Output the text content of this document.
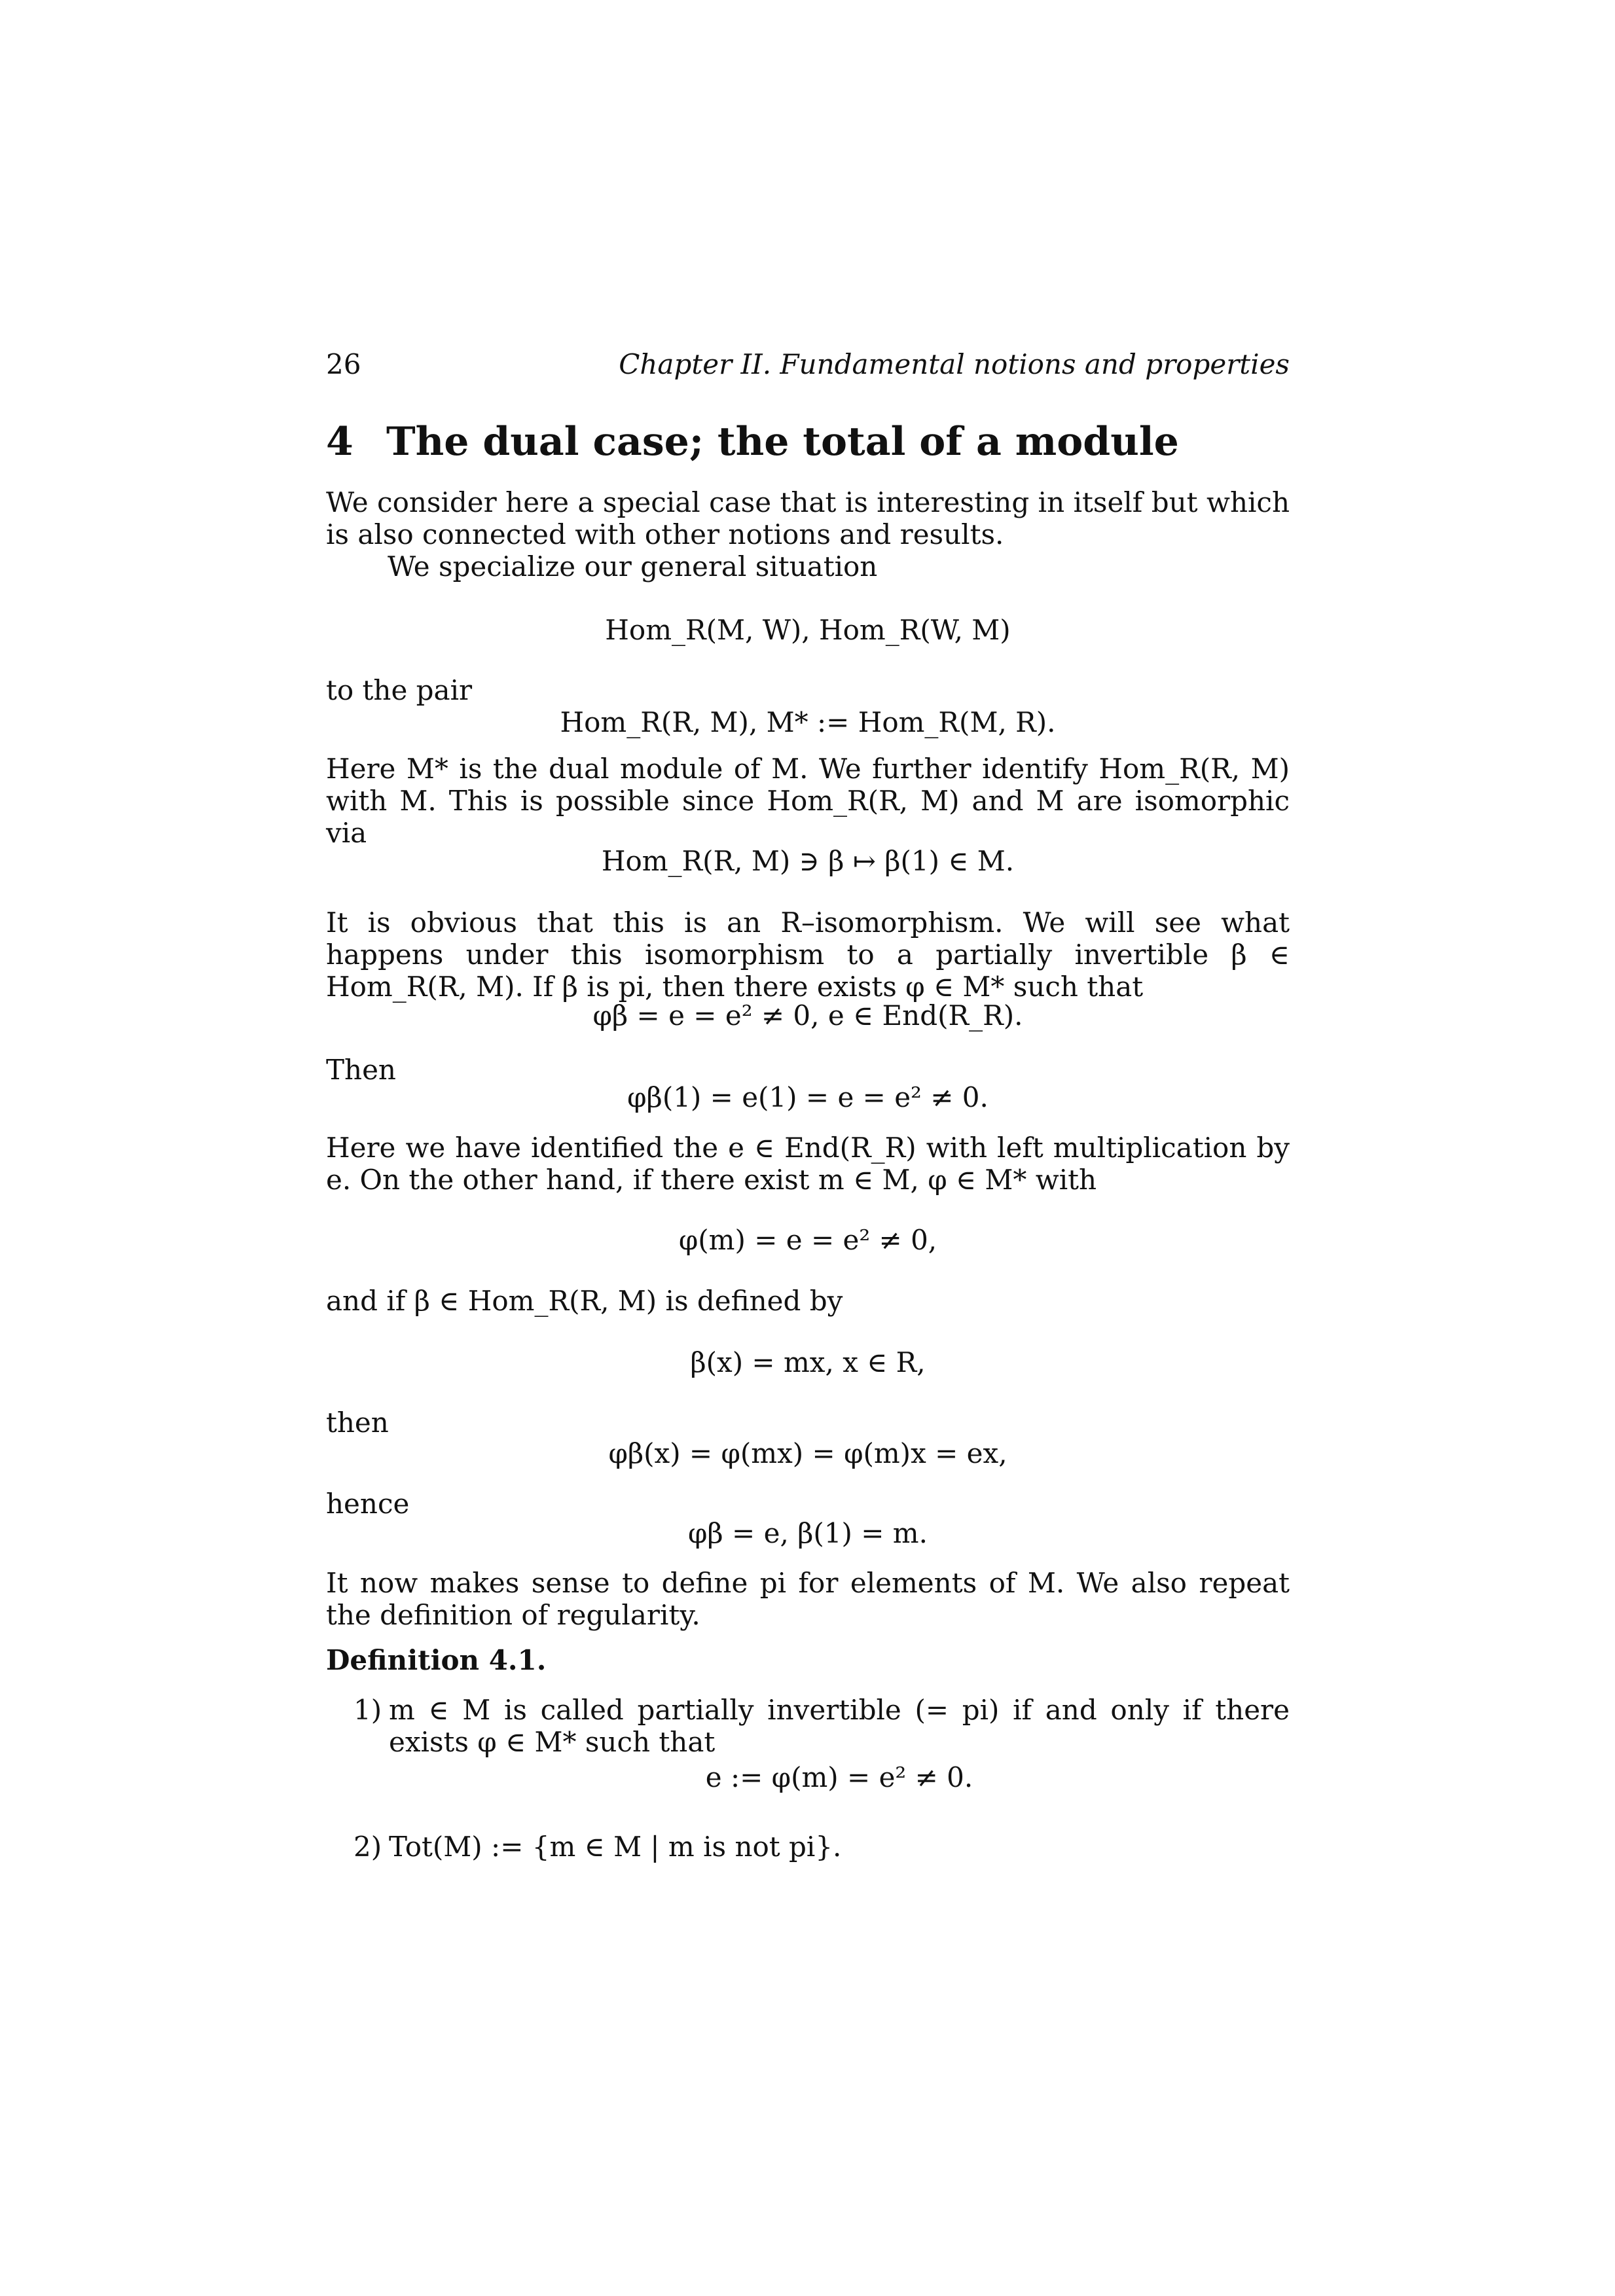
26	Chapter II. Fundamental notions and properties
4 The dual case; the total of a module
We consider here a special case that is interesting in itself but which is also connected with other notions and results.
We specialize our general situation
Hom_R(M, W), Hom_R(W, M)
to the pair
Hom_R(R, M), M* := Hom_R(M, R).
Here M* is the dual module of M. We further identify Hom_R(R, M) with M. This is possible since Hom_R(R, M) and M are isomorphic via
Hom_R(R, M) ∋ β ↦ β(1) ∈ M.
It is obvious that this is an R–isomorphism. We will see what happens under this isomorphism to a partially invertible β ∈ Hom_R(R, M). If β is pi, then there exists φ ∈ M* such that
φβ = e = e² ≠ 0, e ∈ End(R_R).
Then
φβ(1) = e(1) = e = e² ≠ 0.
Here we have identified the e ∈ End(R_R) with left multiplication by e. On the other hand, if there exist m ∈ M, φ ∈ M* with
φ(m) = e = e² ≠ 0,
and if β ∈ Hom_R(R, M) is defined by
β(x) = mx, x ∈ R,
then
φβ(x) = φ(mx) = φ(m)x = ex,
hence
φβ = e, β(1) = m.
It now makes sense to define pi for elements of M. We also repeat the definition of regularity.
Definition 4.1.
1) m ∈ M is called partially invertible (= pi) if and only if there exists φ ∈ M* such that
e := φ(m) = e² ≠ 0.
2) Tot(M) := {m ∈ M | m is not pi}.
